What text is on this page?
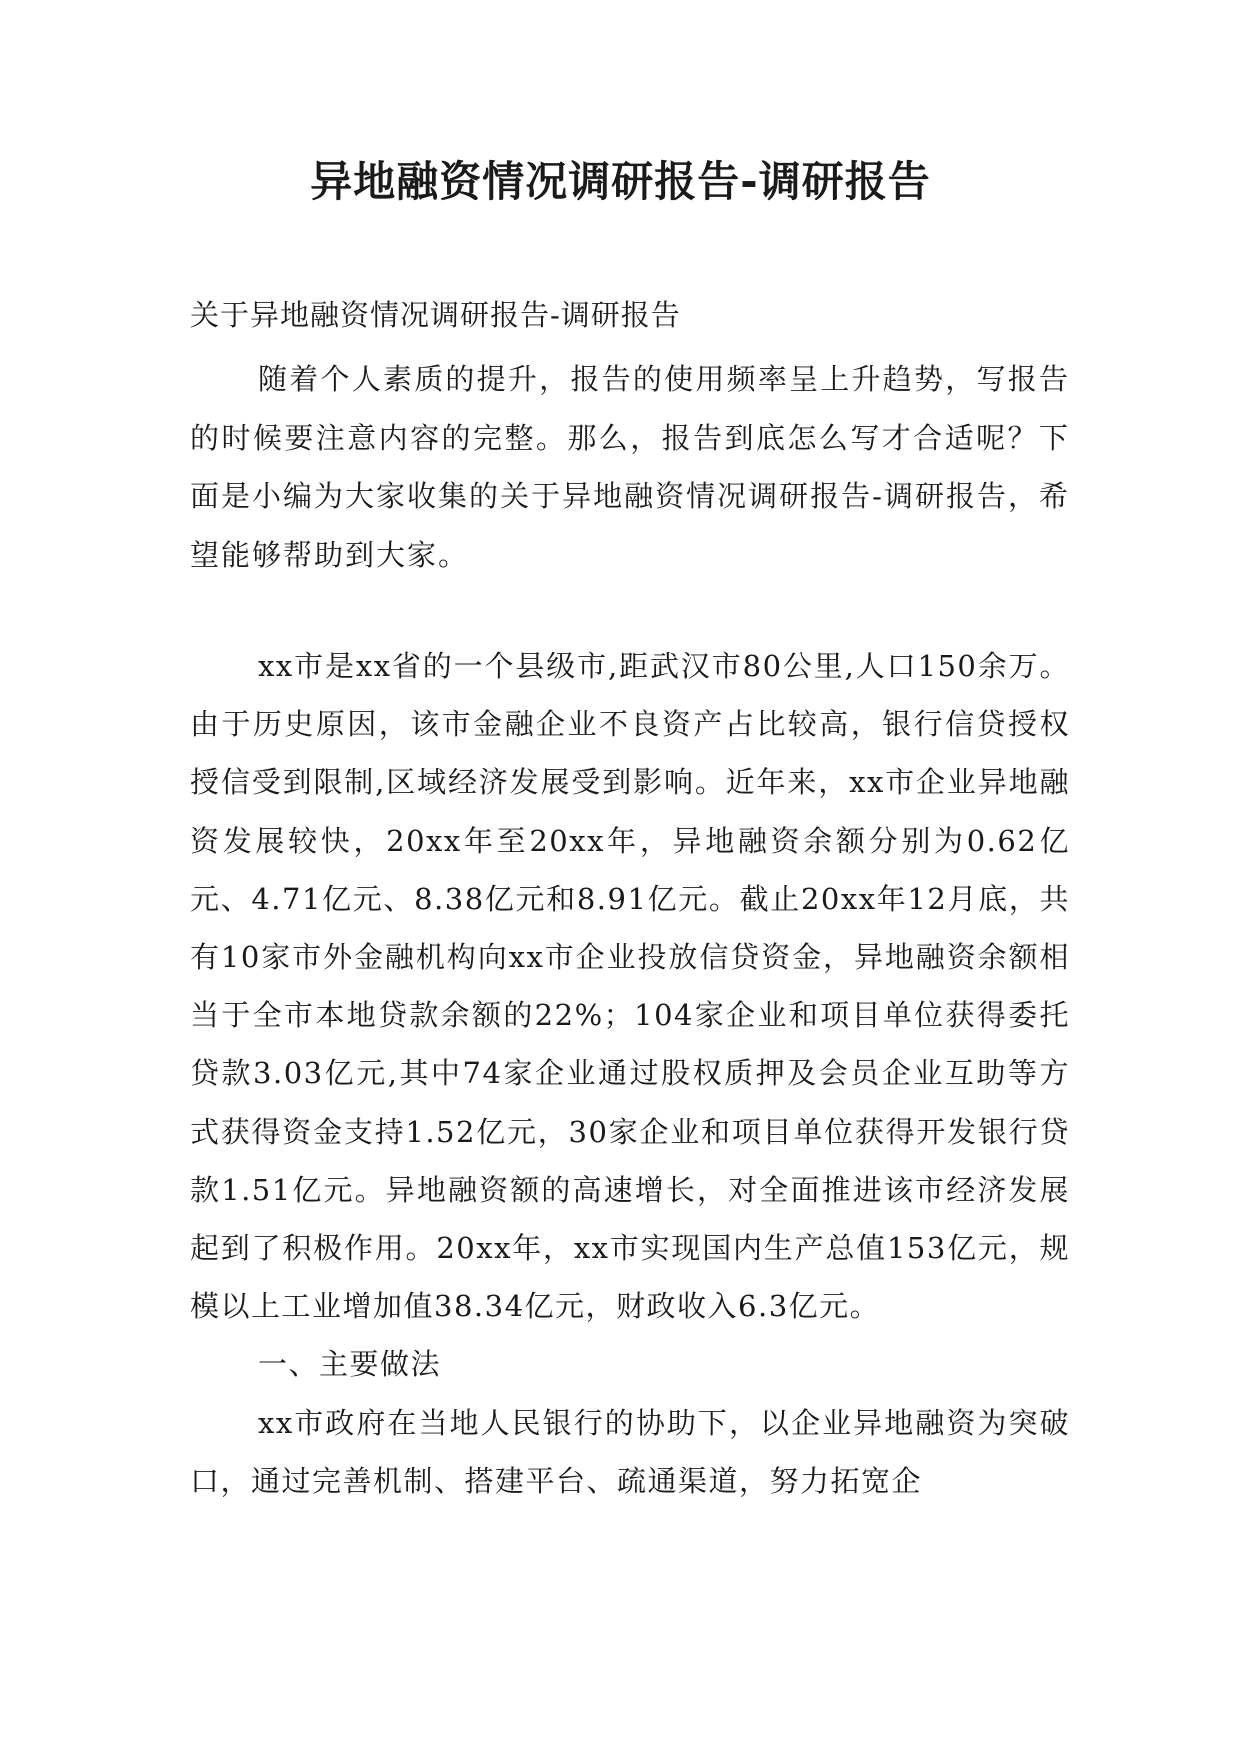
异地融资情况调研报告-调研报告

关于异地融资情况调研报告-调研报告

随着个人素质的提升，报告的使用频率呈上升趋势，写报告的时候要注意内容的完整。那么，报告到底怎么写才合适呢？下面是小编为大家收集的关于异地融资情况调研报告-调研报告，希望能够帮助到大家。

xx市是xx省的一个县级市,距武汉市80公里,人口150余万。由于历史原因，该市金融企业不良资产占比较高，银行信贷授权授信受到限制,区域经济发展受到影响。近年来，xx市企业异地融资发展较快，20xx年至20xx年，异地融资余额分别为0.62亿元、4.71亿元、8.38亿元和8.91亿元。截止20xx年12月底，共有10家市外金融机构向xx市企业投放信贷资金，异地融资余额相当于全市本地贷款余额的22%；104家企业和项目单位获得委托贷款3.03亿元,其中74家企业通过股权质押及会员企业互助等方式获得资金支持1.52亿元，30家企业和项目单位获得开发银行贷款1.51亿元。异地融资额的高速增长，对全面推进该市经济发展起到了积极作用。20xx年，xx市实现国内生产总值153亿元，规模以上工业增加值38.34亿元，财政收入6.3亿元。

一、主要做法

xx市政府在当地人民银行的协助下，以企业异地融资为突破口，通过完善机制、搭建平台、疏通渠道，努力拓宽企
